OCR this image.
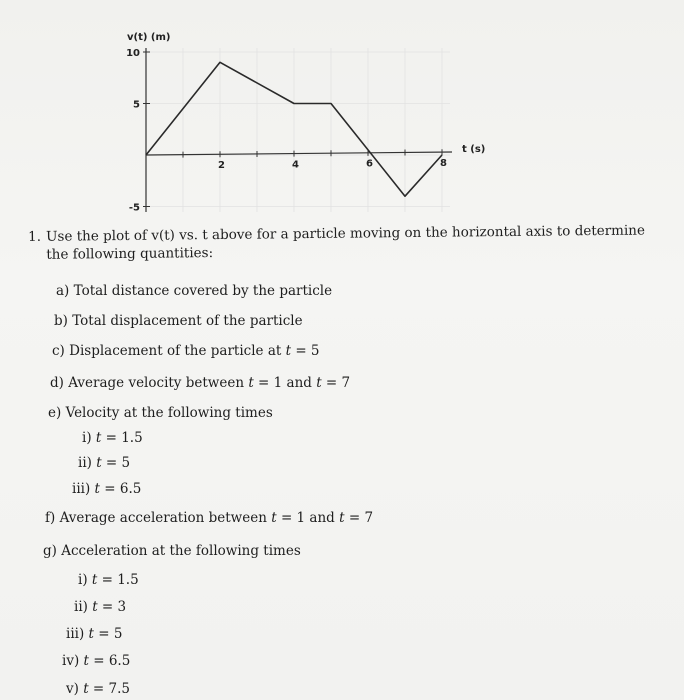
10
5
-5
2	4	6	8
v(t) (m)
t (s)
1. Use the plot of v(t) vs. t above for a particle moving on the horizontal axis to determine the following quantities:
a) Total distance covered by the particle
b) Total displacement of the particle
c) Displacement of the particle at t = 5
d) Average velocity between t = 1 and t = 7
e) Velocity at the following times
f) Average acceleration between t = 1 and t = 7
g) Acceleration at the following times
i) t = 1.5
ii) t = 5
iii) t = 6.5
i) t = 1.5
ii) t = 3
iii) t = 5
iv) t = 6.5
v) t = 7.5
